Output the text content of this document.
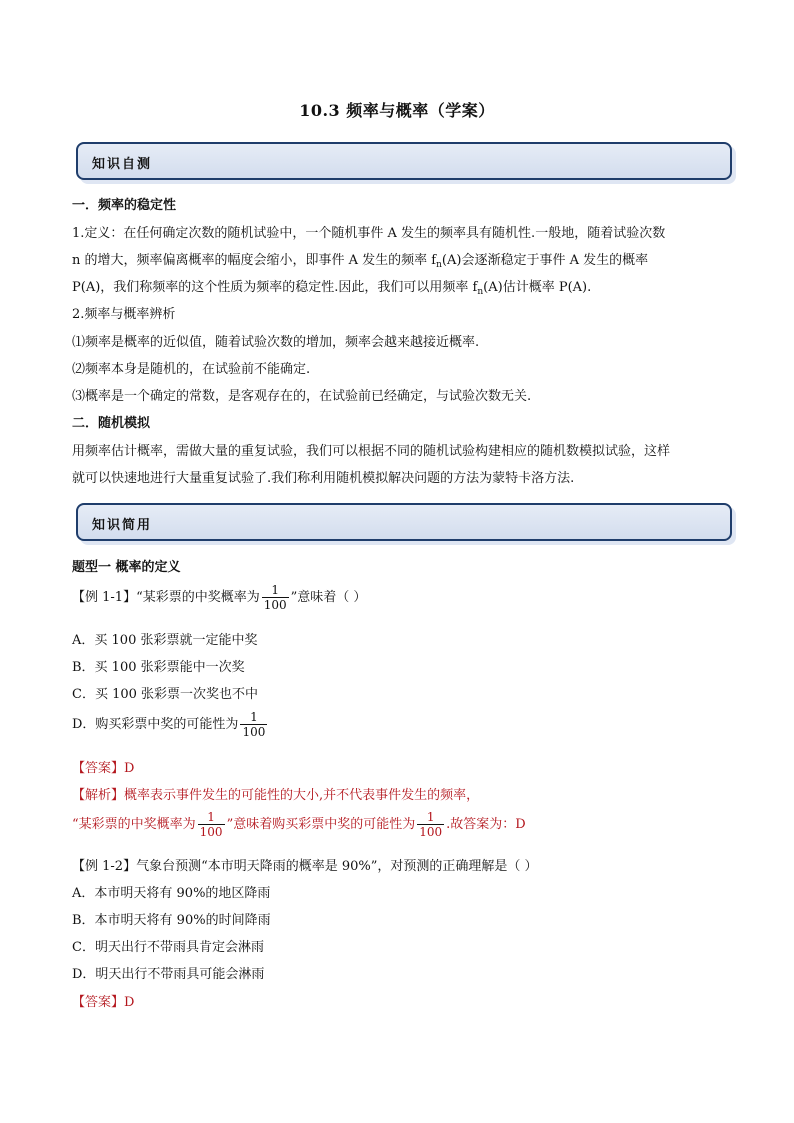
10.3 频率与概率（学案）
知识自测
一．频率的稳定性
1.定义：在任何确定次数的随机试验中，一个随机事件 A 发生的频率具有随机性.一般地，随着试验次数
n 的增大，频率偏离概率的幅度会缩小，即事件 A 发生的频率 $f_n(A)$会逐渐稳定于事件 A 发生的概率
P(A)，我们称频率的这个性质为频率的稳定性.因此，我们可以用频率 $f_n(A)$估计概率 P(A).
2.频率与概率辨析
⑴频率是概率的近似值，随着试验次数的增加，频率会越来越接近概率.
⑵频率本身是随机的，在试验前不能确定.
⑶概率是一个确定的常数，是客观存在的，在试验前已经确定，与试验次数无关.
二．随机模拟
用频率估计概率，需做大量的重复试验，我们可以根据不同的随机试验构建相应的随机数模拟试验，这样
就可以快速地进行大量重复试验了.我们称利用随机模拟解决问题的方法为蒙特卡洛方法.
知识简用
题型一 概率的定义
【例 1-1】“某彩票的中奖概率为 $\frac{1}{100}$ ”意味着（ ）
A．买 100 张彩票就一定能中奖
B．买 100 张彩票能中一次奖
C．买 100 张彩票一次奖也不中
D．购买彩票中奖的可能性为 $\frac{1}{100}$
【答案】D
【解析】概率表示事件发生的可能性的大小,并不代表事件发生的频率，
“某彩票的中奖概率为 $\frac{1}{100}$ ”意味着购买彩票中奖的可能性为 $\frac{1}{100}$ .故答案为：D
【例 1-2】气象台预测“本市明天降雨的概率是 90%”，对预测的正确理解是（ ）
A．本市明天将有 90%的地区降雨
B．本市明天将有 90%的时间降雨
C．明天出行不带雨具肯定会淋雨
D．明天出行不带雨具可能会淋雨
【答案】D
